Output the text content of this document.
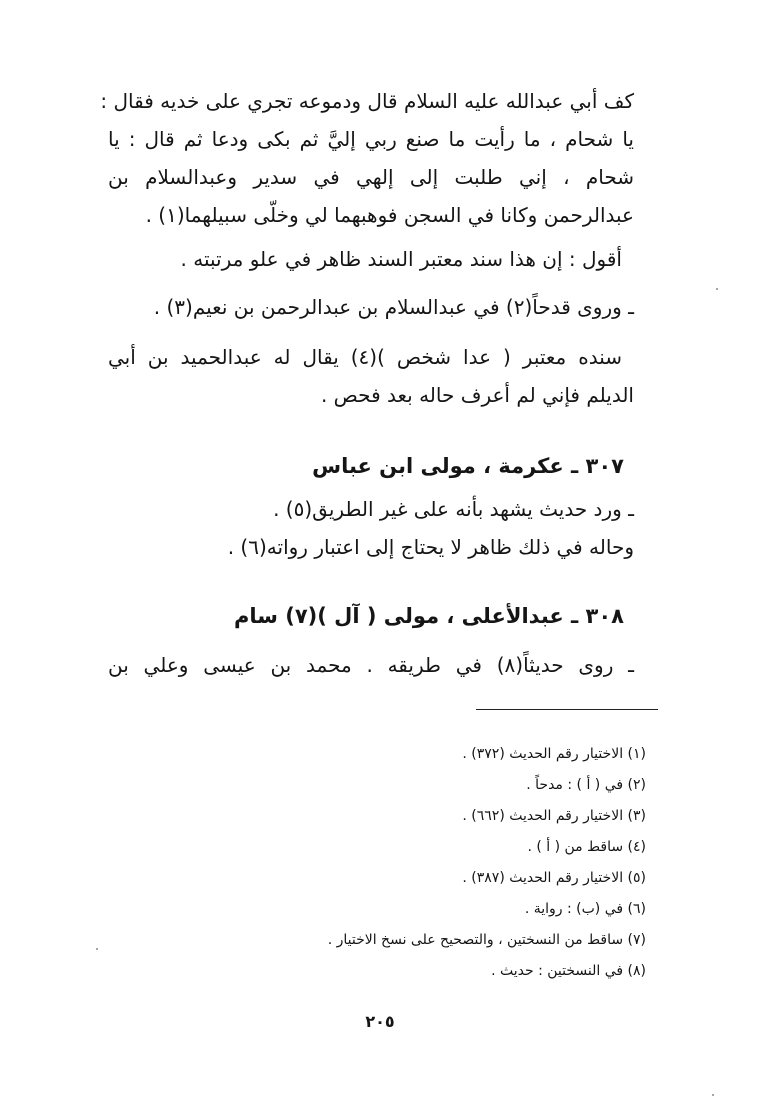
كف أبي عبدالله عليه السلام قال ودموعه تجري على خديه فقال :
يا شحام ، ما رأيت ما صنع ربي إليَّ ثم بكى ودعا ثم قال : يا
شحام ، إني طلبت إلى إلهي في سدير وعبدالسلام بن
عبدالرحمن وكانا في السجن فوهبهما لي وخلّى سبيلهما(١) .
أقول : إن هذا سند معتبر السند ظاهر في علو مرتبته .
ـ وروى قدحاً(٢) في عبدالسلام بن عبدالرحمن بن نعيم(٣) .
سنده معتبر ( عدا شخص )(٤) يقال له عبدالحميد بن أبي
الديلم فإني لم أعرف حاله بعد فحص .
٣٠٧ ـ عكرمة ، مولى ابن عباس
ـ ورد حديث يشهد بأنه على غير الطريق(٥) .
وحاله في ذلك ظاهر لا يحتاج إلى اعتبار رواته(٦) .
٣٠٨ ـ عبدالأعلى ، مولى ( آل )(٧) سام
ـ روى حديثاً(٨) في طريقه . محمد بن عيسى وعلي بن
(١) الاختيار رقم الحديث (٣٧٢) .
(٢) في ( أ ) : مدحاً .
(٣) الاختيار رقم الحديث (٦٦٢) .
(٤) ساقط من ( أ ) .
(٥) الاختيار رقم الحديث (٣٨٧) .
(٦) في (ب) : رواية .
(٧) ساقط من النسختين ، والتصحيح على نسخ الاختيار .
(٨) في النسختين : حديث .
٢٠٥
